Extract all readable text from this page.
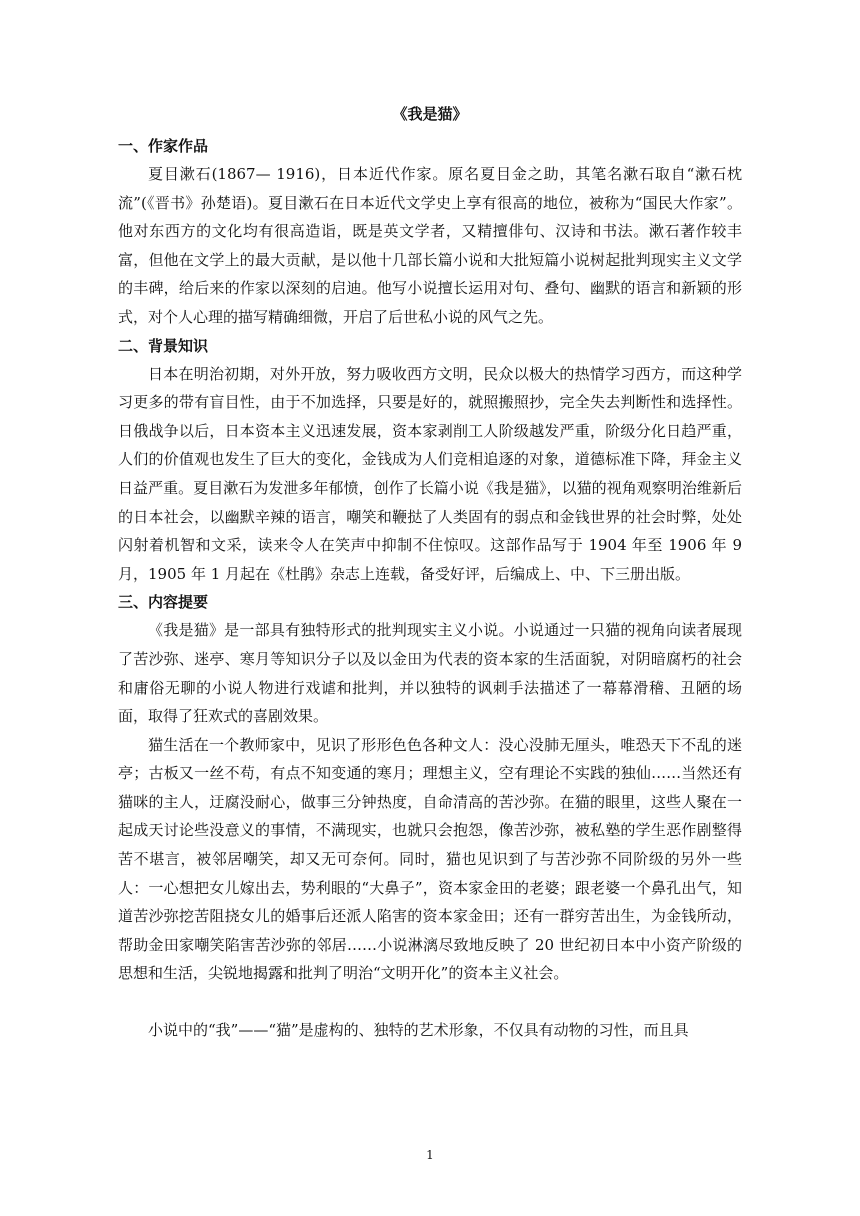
《我是猫》

一、作家作品

夏目漱石(1867— 1916)，日本近代作家。原名夏目金之助，其笔名漱石取自“漱石枕流”(《晋书》孙楚语)。夏目漱石在日本近代文学史上享有很高的地位，被称为“国民大作家”。他对东西方的文化均有很高造诣，既是英文学者，又精擅俳句、汉诗和书法。漱石著作较丰富，但他在文学上的最大贡献，是以他十几部长篇小说和大批短篇小说树起批判现实主义文学的丰碑，给后来的作家以深刻的启迪。他写小说擅长运用对句、叠句、幽默的语言和新颖的形式，对个人心理的描写精确细微，开启了后世私小说的风气之先。

二、背景知识

日本在明治初期，对外开放，努力吸收西方文明，民众以极大的热情学习西方，而这种学习更多的带有盲目性，由于不加选择，只要是好的，就照搬照抄，完全失去判断性和选择性。日俄战争以后，日本资本主义迅速发展，资本家剥削工人阶级越发严重，阶级分化日趋严重，人们的价值观也发生了巨大的变化，金钱成为人们竞相追逐的对象，道德标准下降，拜金主义日益严重。夏目漱石为发泄多年郁愤，创作了长篇小说《我是猫》，以猫的视角观察明治维新后的日本社会，以幽默辛辣的语言，嘲笑和鞭挞了人类固有的弱点和金钱世界的社会时弊，处处闪射着机智和文采，读来令人在笑声中抑制不住惊叹。这部作品写于 1904 年至 1906 年 9 月，1905 年 1 月起在《杜鹃》杂志上连载，备受好评，后编成上、中、下三册出版。

三、内容提要

《我是猫》是一部具有独特形式的批判现实主义小说。小说通过一只猫的视角向读者展现了苦沙弥、迷亭、寒月等知识分子以及以金田为代表的资本家的生活面貌，对阴暗腐朽的社会和庸俗无聊的小说人物进行戏谑和批判，并以独特的讽刺手法描述了一幕幕滑稽、丑陋的场面，取得了狂欢式的喜剧效果。

猫生活在一个教师家中，见识了形形色色各种文人：没心没肺无厘头，唯恐天下不乱的迷亭；古板又一丝不苟，有点不知变通的寒月；理想主义，空有理论不实践的独仙……当然还有猫咪的主人，迂腐没耐心，做事三分钟热度，自命清高的苦沙弥。在猫的眼里，这些人聚在一起成天讨论些没意义的事情，不满现实，也就只会抱怨，像苦沙弥，被私塾的学生恶作剧整得苦不堪言，被邻居嘲笑，却又无可奈何。同时，猫也见识到了与苦沙弥不同阶级的另外一些人：一心想把女儿嫁出去，势利眼的“大鼻子”，资本家金田的老婆；跟老婆一个鼻孔出气，知道苦沙弥挖苦阻挠女儿的婚事后还派人陷害的资本家金田；还有一群穷苦出生，为金钱所动，帮助金田家嘲笑陷害苦沙弥的邻居……小说淋漓尽致地反映了 20 世纪初日本中小资产阶级的思想和生活，尖锐地揭露和批判了明治“文明开化”的资本主义社会。

小说中的“我”——“猫”是虚构的、独特的艺术形象，不仅具有动物的习性，而且具

1
